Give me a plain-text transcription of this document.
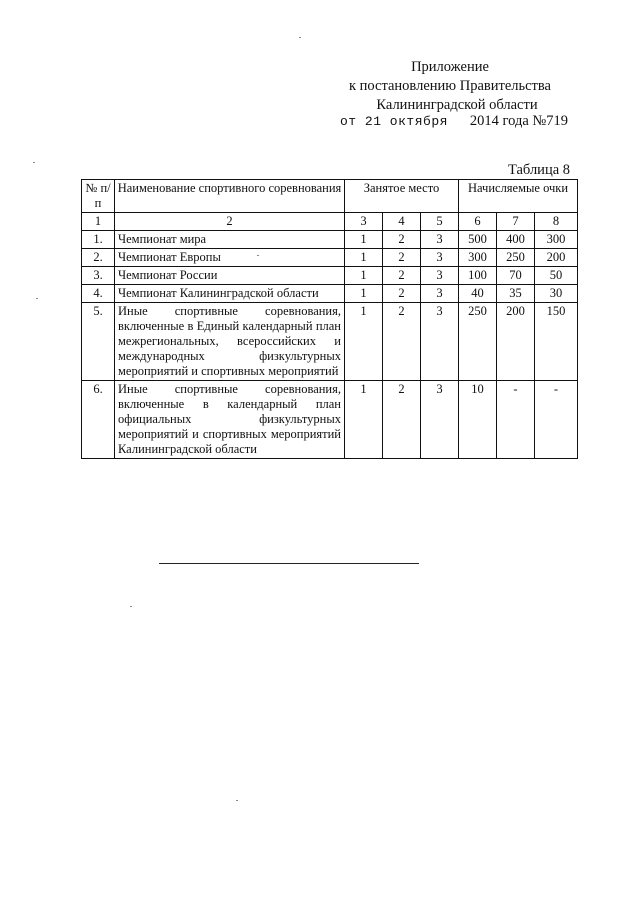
Приложение
к постановлению Правительства
Калининградской области
от 21 октября 2014 года №719
Таблица 8
№ п/п	Наименование спортивного соревнования	Занятое место			Начисляемые очки		
1	2	3	4	5	6	7	8
1.	Чемпионат мира	1	2	3	500	400	300
2.	Чемпионат Европы	1	2	3	300	250	200
3.	Чемпионат России	1	2	3	100	70	50
4.	Чемпионат Калининградской области	1	2	3	40	35	30
5.	Иные спортивные соревнования, включенные в Единый календарный план межрегиональных, всероссийских и международных физкультурных мероприятий и спортивных мероприятий	1	2	3	250	200	150
6.	Иные спортивные соревнования, включенные в календарный план официальных физкультурных мероприятий и спортивных мероприятий Калининградской области	1	2	3	10	-	-
